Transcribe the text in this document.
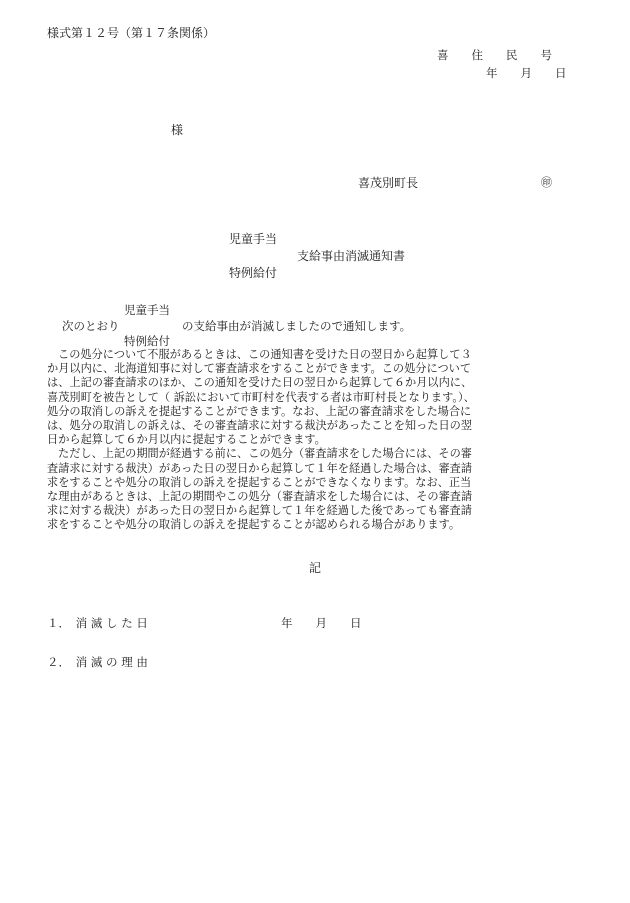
様式第１２号（第１７条関係）
喜　　住　　民　　号
年　　月　　日
様
喜茂別町長	㊞
児童手当
支給事由消滅通知書
特例給付
児童手当
次のとおり	の支給事由が消滅しましたので通知します。
特例給付

この処分について不服があるときは、この通知書を受けた日の翌日から起算して３

か月以内に、北海道知事に対して審査請求をすることができます。この処分について

は、上記の審査請求のほか、この通知を受けた日の翌日から起算して６か月以内に、

喜茂別町を被告として（ 訴訟において市町村を代表する者は市町村長となります。）、

処分の取消しの訴えを提起することができます。なお、上記の審査請求をした場合に

は、処分の取消しの訴えは、その審査請求に対する裁決があったことを知った日の翌

日から起算して６か月以内に提起することができます。

ただし、上記の期間が経過する前に、この処分（審査請求をした場合には、その審

査請求に対する裁決）があった日の翌日から起算して１年を経過した場合は、審査請

求をすることや処分の取消しの訴えを提起することができなくなります。なお、正当

な理由があるときは、上記の期間やこの処分（審査請求をした場合には、その審査請

求に対する裁決）があった日の翌日から起算して１年を経過した後であっても審査請

求をすることや処分の取消しの訴えを提起することが認められる場合があります。

記
１．　消 滅 し た 日	年　　月　　日
２．　消 滅 の 理 由
